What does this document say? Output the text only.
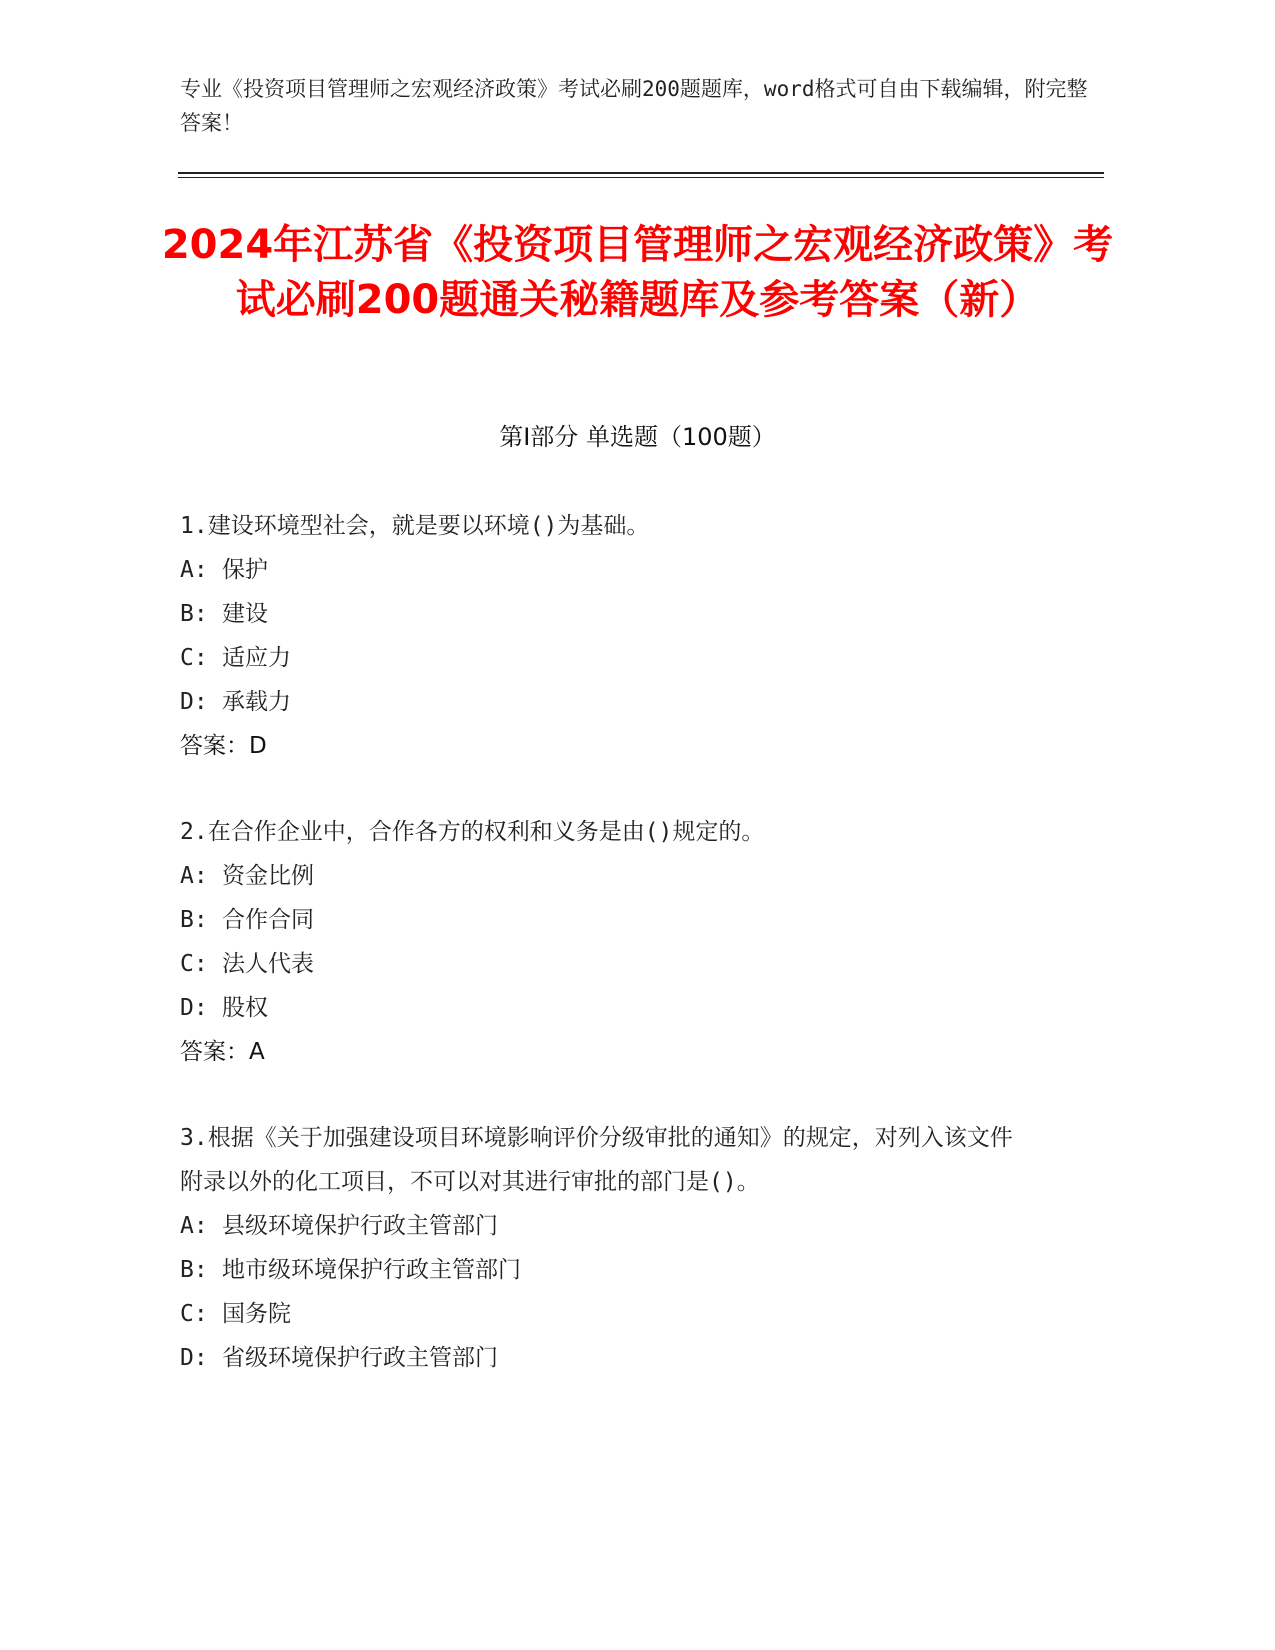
专业《投资项目管理师之宏观经济政策》考试必刷200题题库，word格式可自由下载编辑，附完整答案！
2024年江苏省《投资项目管理师之宏观经济政策》考试必刷200题通关秘籍题库及参考答案（新）
第I部分 单选题（100题）

1.建设环境型社会，就是要以环境()为基础。

A: 保护

B: 建设

C: 适应力

D: 承载力

答案：D

2.在合作企业中，合作各方的权利和义务是由()规定的。

A: 资金比例

B: 合作合同

C: 法人代表

D: 股权

答案：A

3.根据《关于加强建设项目环境影响评价分级审批的通知》的规定，对列入该文件附录以外的化工项目，不可以对其进行审批的部门是()。

A: 县级环境保护行政主管部门

B: 地市级环境保护行政主管部门

C: 国务院

D: 省级环境保护行政主管部门
